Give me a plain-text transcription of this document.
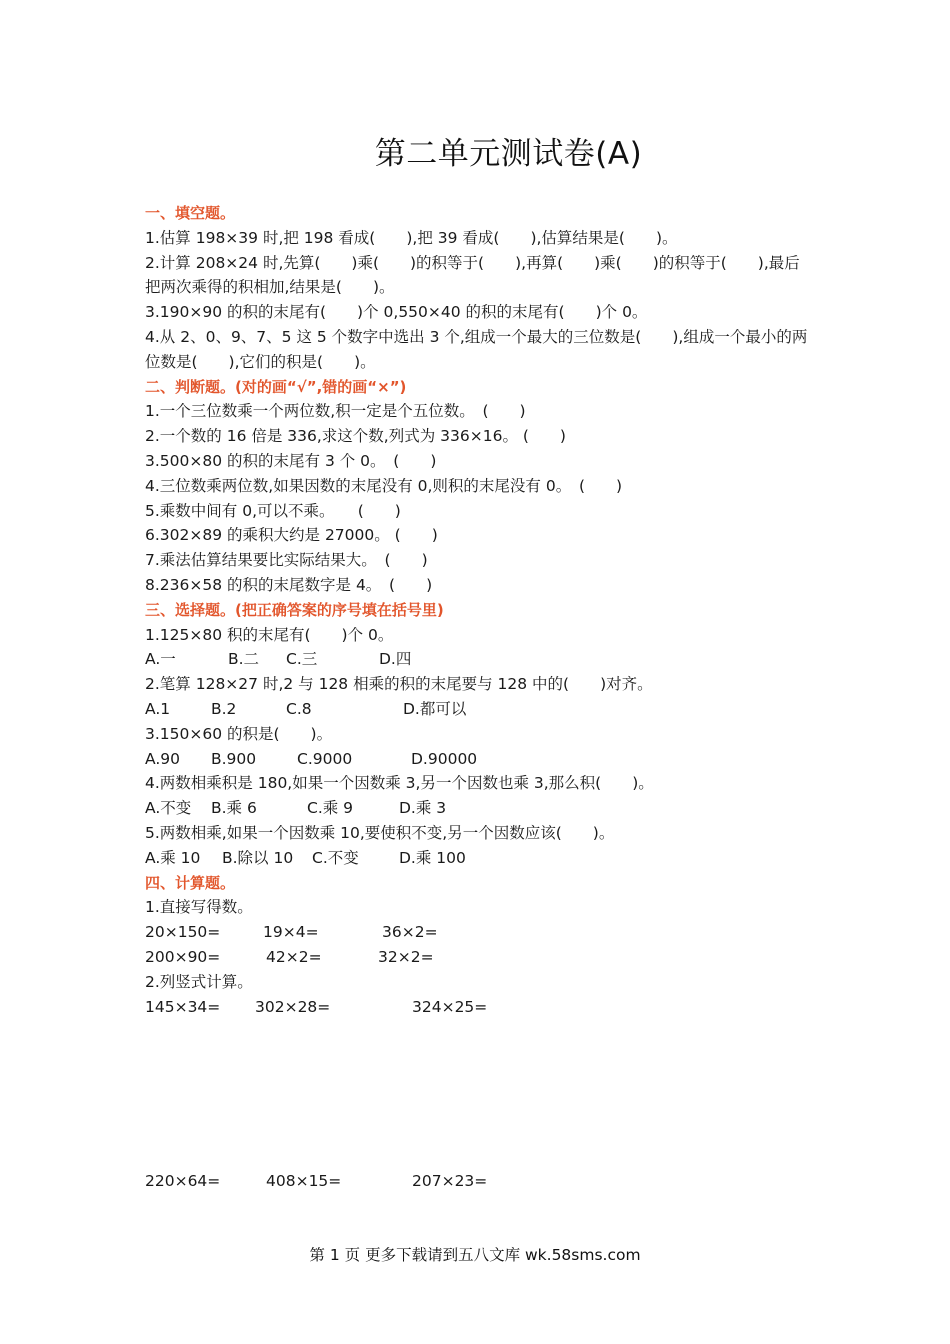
第二单元测试卷(A)
一、填空题。
1.估算 198×39 时,把 198 看成(　　),把 39 看成(　　),估算结果是(　　)。
2.计算 208×24 时,先算(　　)乘(　　)的积等于(　　),再算(　　)乘(　　)的积等于(　　),最后把两次乘得的积相加,结果是(　　)。
3.190×90 的积的末尾有(　　)个 0,550×40 的积的末尾有(　　)个 0。
4.从 2、0、9、7、5 这 5 个数字中选出 3 个,组成一个最大的三位数是(　　),组成一个最小的两位数是(　　),它们的积是(　　)。
二、判断题。(对的画“√”,错的画“×”)
1.一个三位数乘一个两位数,积一定是个五位数。　(　　)
2.一个数的 16 倍是 336,求这个数,列式为 336×16。 (　　)
3.500×80 的积的末尾有 3 个 0。　(　　)
4.三位数乘两位数,如果因数的末尾没有 0,则积的末尾没有 0。　(　　)
5.乘数中间有 0,可以不乘。　　(　　)
6.302×89 的乘积大约是 27000。 (　　)
7.乘法估算结果要比实际结果大。　(　　)
8.236×58 的积的末尾数字是 4。　(　　)
三、选择题。(把正确答案的序号填在括号里)
1.125×80 积的末尾有(　　)个 0。
A.一	B.二 C.三	D.四
2.笔算 128×27 时,2 与 128 相乘的积的末尾要与 128 中的(　　)对齐。
A.1	B.2	C.8	D.都可以
3.150×60 的积是(　　)。
A.90 B.900	C.9000	D.90000
4.两数相乘积是 180,如果一个因数乘 3,另一个因数也乘 3,那么积(　　)。
A.不变 B.乘 6	C.乘 9	D.乘 3
5.两数相乘,如果一个因数乘 10,要使积不变,另一个因数应该(　　)。
A.乘 10 B.除以 10 C.不变	D.乘 100
四、计算题。
1.直接写得数。
20×150=	19×4=	36×2=
200×90=	42×2=	32×2=
2.列竖式计算。
145×34= 302×28=	324×25=
220×64=	408×15=	207×23=
第 1 页 更多下载请到五八文库 wk.58sms.com
